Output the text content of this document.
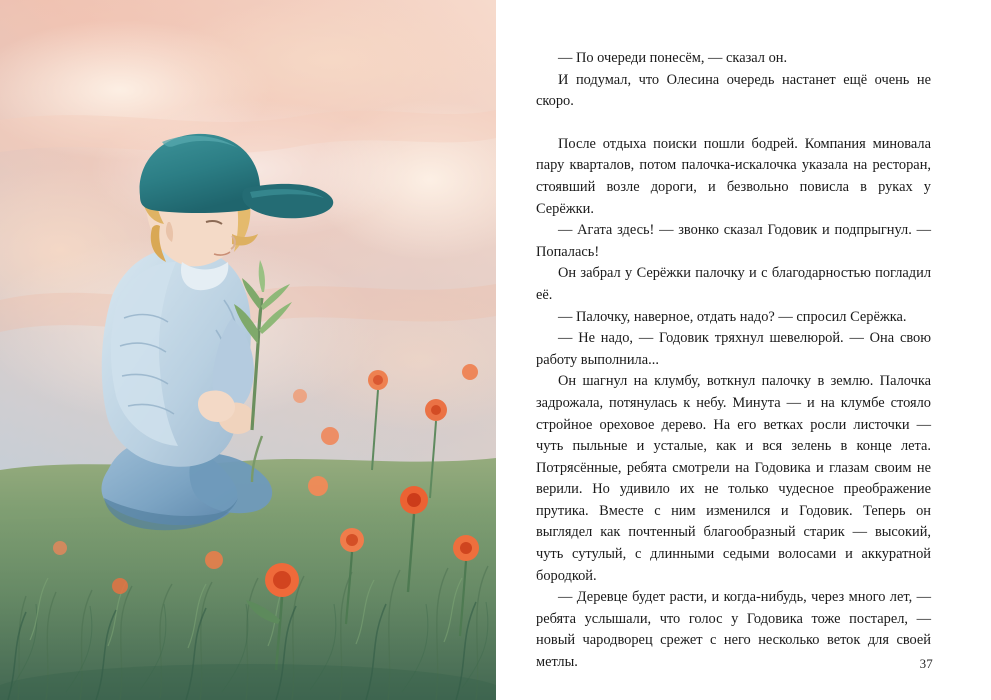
— По очереди понесём, — сказал он.

И подумал, что Олесина очередь настанет ещё очень не скоро.

После отдыха поиски пошли бодрей. Компания миновала пару кварталов, потом палочка-искалочка указала на ресторан, стоявший возле дороги, и безвольно повисла в руках у Серёжки.

— Агата здесь! — звонко сказал Годовик и подпрыгнул. — Попалась!

Он забрал у Серёжки палочку и с благодарностью погладил её.

— Палочку, наверное, отдать надо? — спросил Серёжка.

— Не надо, — Годовик тряхнул шевелюрой. — Она свою работу выполнила...

Он шагнул на клумбу, воткнул палочку в землю. Палочка задрожала, потянулась к небу. Минута — и на клумбе стояло стройное ореховое дерево. На его ветках росли листочки — чуть пыльные и усталые, как и вся зелень в конце лета. Потрясённые, ребята смотрели на Годовика и глазам своим не верили. Но удивило их не только чудесное преображение прутика. Вместе с ним изменился и Годовик. Теперь он выглядел как почтенный благообразный старик — высокий, чуть сутулый, с длинными седыми волосами и аккуратной бородкой.

— Деревце будет расти, и когда-нибудь, через много лет, — ребята услышали, что голос у Годовика тоже постарел, — новый чародворец срежет с него несколько веток для своей метлы.	37
